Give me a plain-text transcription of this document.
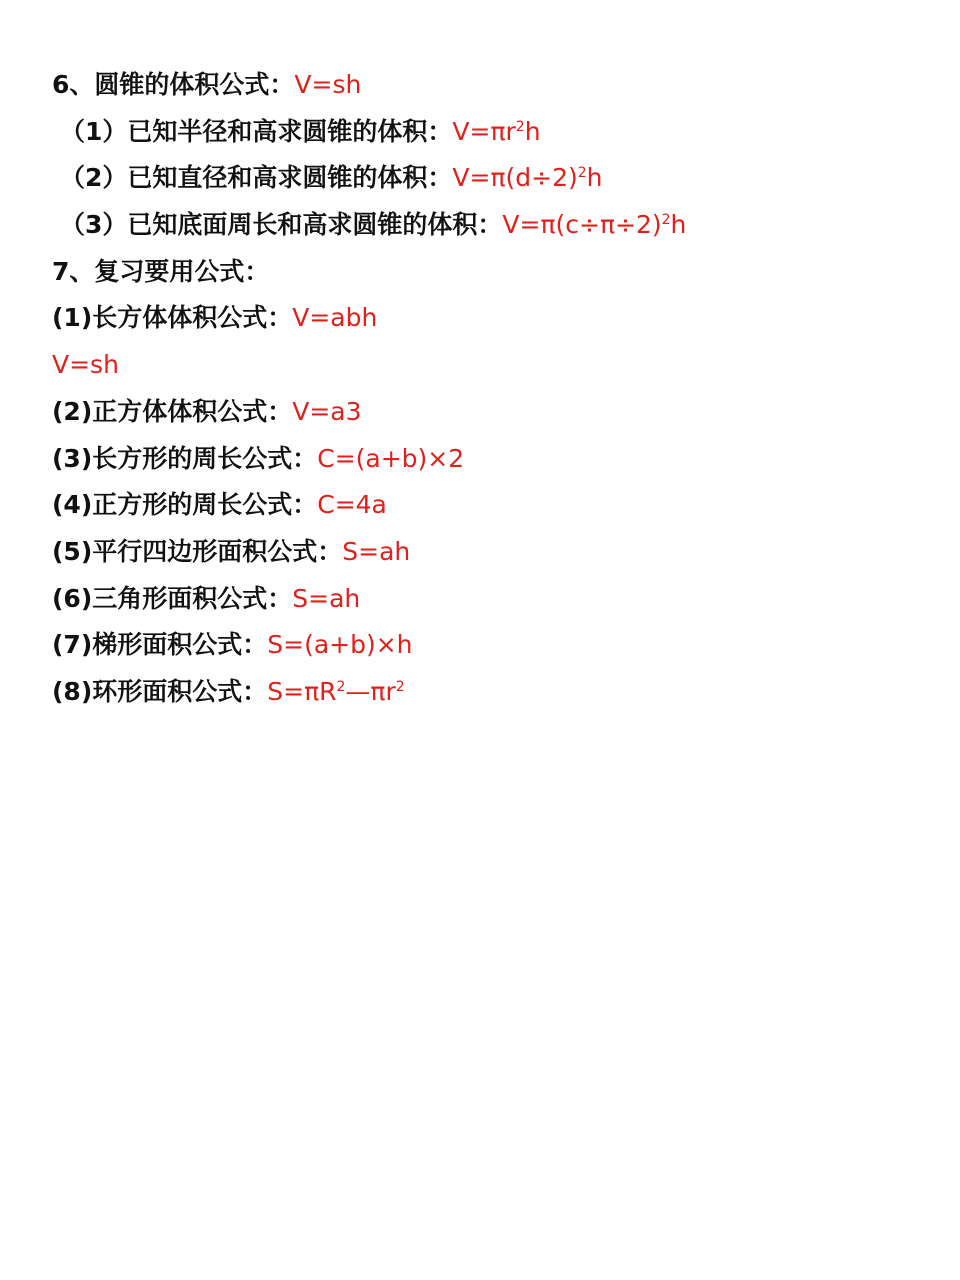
6、圆锥的体积公式：V=sh
（1）已知半径和高求圆锥的体积：$V=\pi r^2h$
（2）已知直径和高求圆锥的体积：$V=\pi(d\div 2)^2h$
（3）已知底面周长和高求圆锥的体积：$V=\pi(c\div\pi\div 2)^2h$
7、复习要用公式：
(1)长方体体积公式：V=abh
V=sh
(2)正方体体积公式：V=a3
(3)长方形的周长公式：C=(a+b)×2
(4)正方形的周长公式：C=4a
(5)平行四边形面积公式：S=ah
(6)三角形面积公式：S=ah
(7)梯形面积公式：S=(a+b)×h
(8)环形面积公式：$S=\pi R^2—\pi r^2$
